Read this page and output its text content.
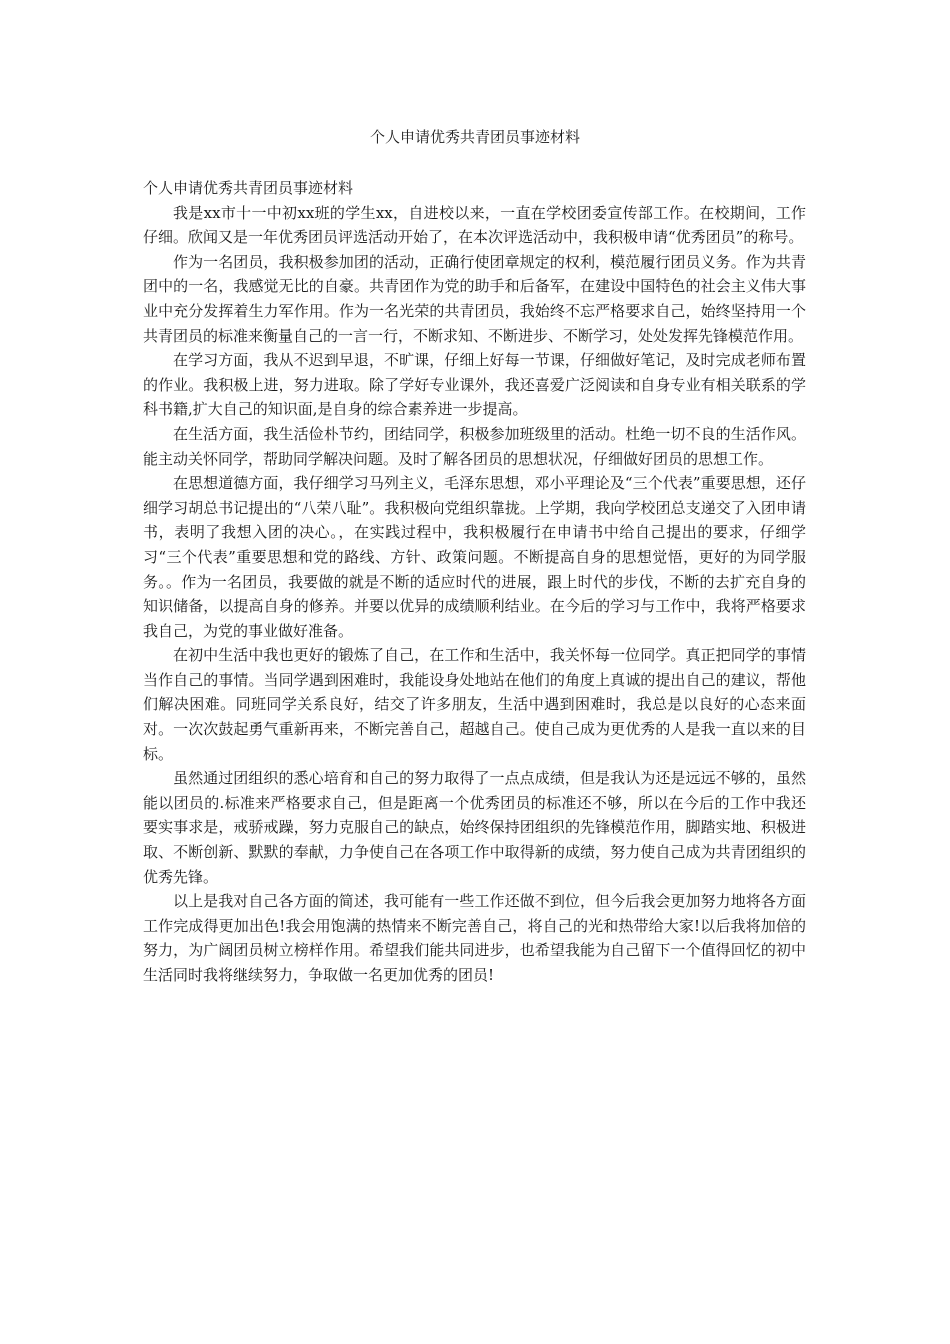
个人申请优秀共青团员事迹材料

个人申请优秀共青团员事迹材料

我是xx市十一中初xx班的学生xx，自进校以来，一直在学校团委宣传部工作。在校期间，工作仔细。欣闻又是一年优秀团员评选活动开始了，在本次评选活动中，我积极申请“优秀团员”的称号。

作为一名团员，我积极参加团的活动，正确行使团章规定的权利，模范履行团员义务。作为共青团中的一名，我感觉无比的自豪。共青团作为党的助手和后备军，在建设中国特色的社会主义伟大事业中充分发挥着生力军作用。作为一名光荣的共青团员，我始终不忘严格要求自己，始终坚持用一个共青团员的标准来衡量自己的一言一行，不断求知、不断进步、不断学习，处处发挥先锋模范作用。

在学习方面，我从不迟到早退，不旷课，仔细上好每一节课，仔细做好笔记，及时完成老师布置的作业。我积极上进，努力进取。除了学好专业课外，我还喜爱广泛阅读和自身专业有相关联系的学科书籍,扩大自己的知识面,是自身的综合素养进一步提高。

在生活方面，我生活俭朴节约，团结同学，积极参加班级里的活动。杜绝一切不良的生活作风。能主动关怀同学，帮助同学解决问题。及时了解各团员的思想状况，仔细做好团员的思想工作。

在思想道德方面，我仔细学习马列主义，毛泽东思想，邓小平理论及“三个代表”重要思想，还仔细学习胡总书记提出的“八荣八耻”。我积极向党组织靠拢。上学期，我向学校团总支递交了入团申请书，表明了我想入团的决心。，在实践过程中，我积极履行在申请书中给自己提出的要求，仔细学习“三个代表”重要思想和党的路线、方针、政策问题。不断提高自身的思想觉悟，更好的为同学服务。。作为一名团员，我要做的就是不断的适应时代的进展，跟上时代的步伐，不断的去扩充自身的知识储备，以提高自身的修养。并要以优异的成绩顺利结业。在今后的学习与工作中，我将严格要求我自己，为党的事业做好准备。

在初中生活中我也更好的锻炼了自己，在工作和生活中，我关怀每一位同学。真正把同学的事情当作自己的事情。当同学遇到困难时，我能设身处地站在他们的角度上真诚的提出自己的建议，帮他们解决困难。同班同学关系良好，结交了许多朋友，生活中遇到困难时，我总是以良好的心态来面对。一次次鼓起勇气重新再来，不断完善自己，超越自己。使自己成为更优秀的人是我一直以来的目标。

虽然通过团组织的悉心培育和自己的努力取得了一点点成绩，但是我认为还是远远不够的，虽然能以团员的.标准来严格要求自己，但是距离一个优秀团员的标准还不够，所以在今后的工作中我还要实事求是，戒骄戒躁，努力克服自己的缺点，始终保持团组织的先锋模范作用，脚踏实地、积极进取、不断创新、默默的奉献，力争使自己在各项工作中取得新的成绩，努力使自己成为共青团组织的优秀先锋。

以上是我对自己各方面的简述，我可能有一些工作还做不到位，但今后我会更加努力地将各方面工作完成得更加出色!我会用饱满的热情来不断完善自己，将自己的光和热带给大家!以后我将加倍的努力，为广阔团员树立榜样作用。希望我们能共同进步，也希望我能为自己留下一个值得回忆的初中生活同时我将继续努力，争取做一名更加优秀的团员!
